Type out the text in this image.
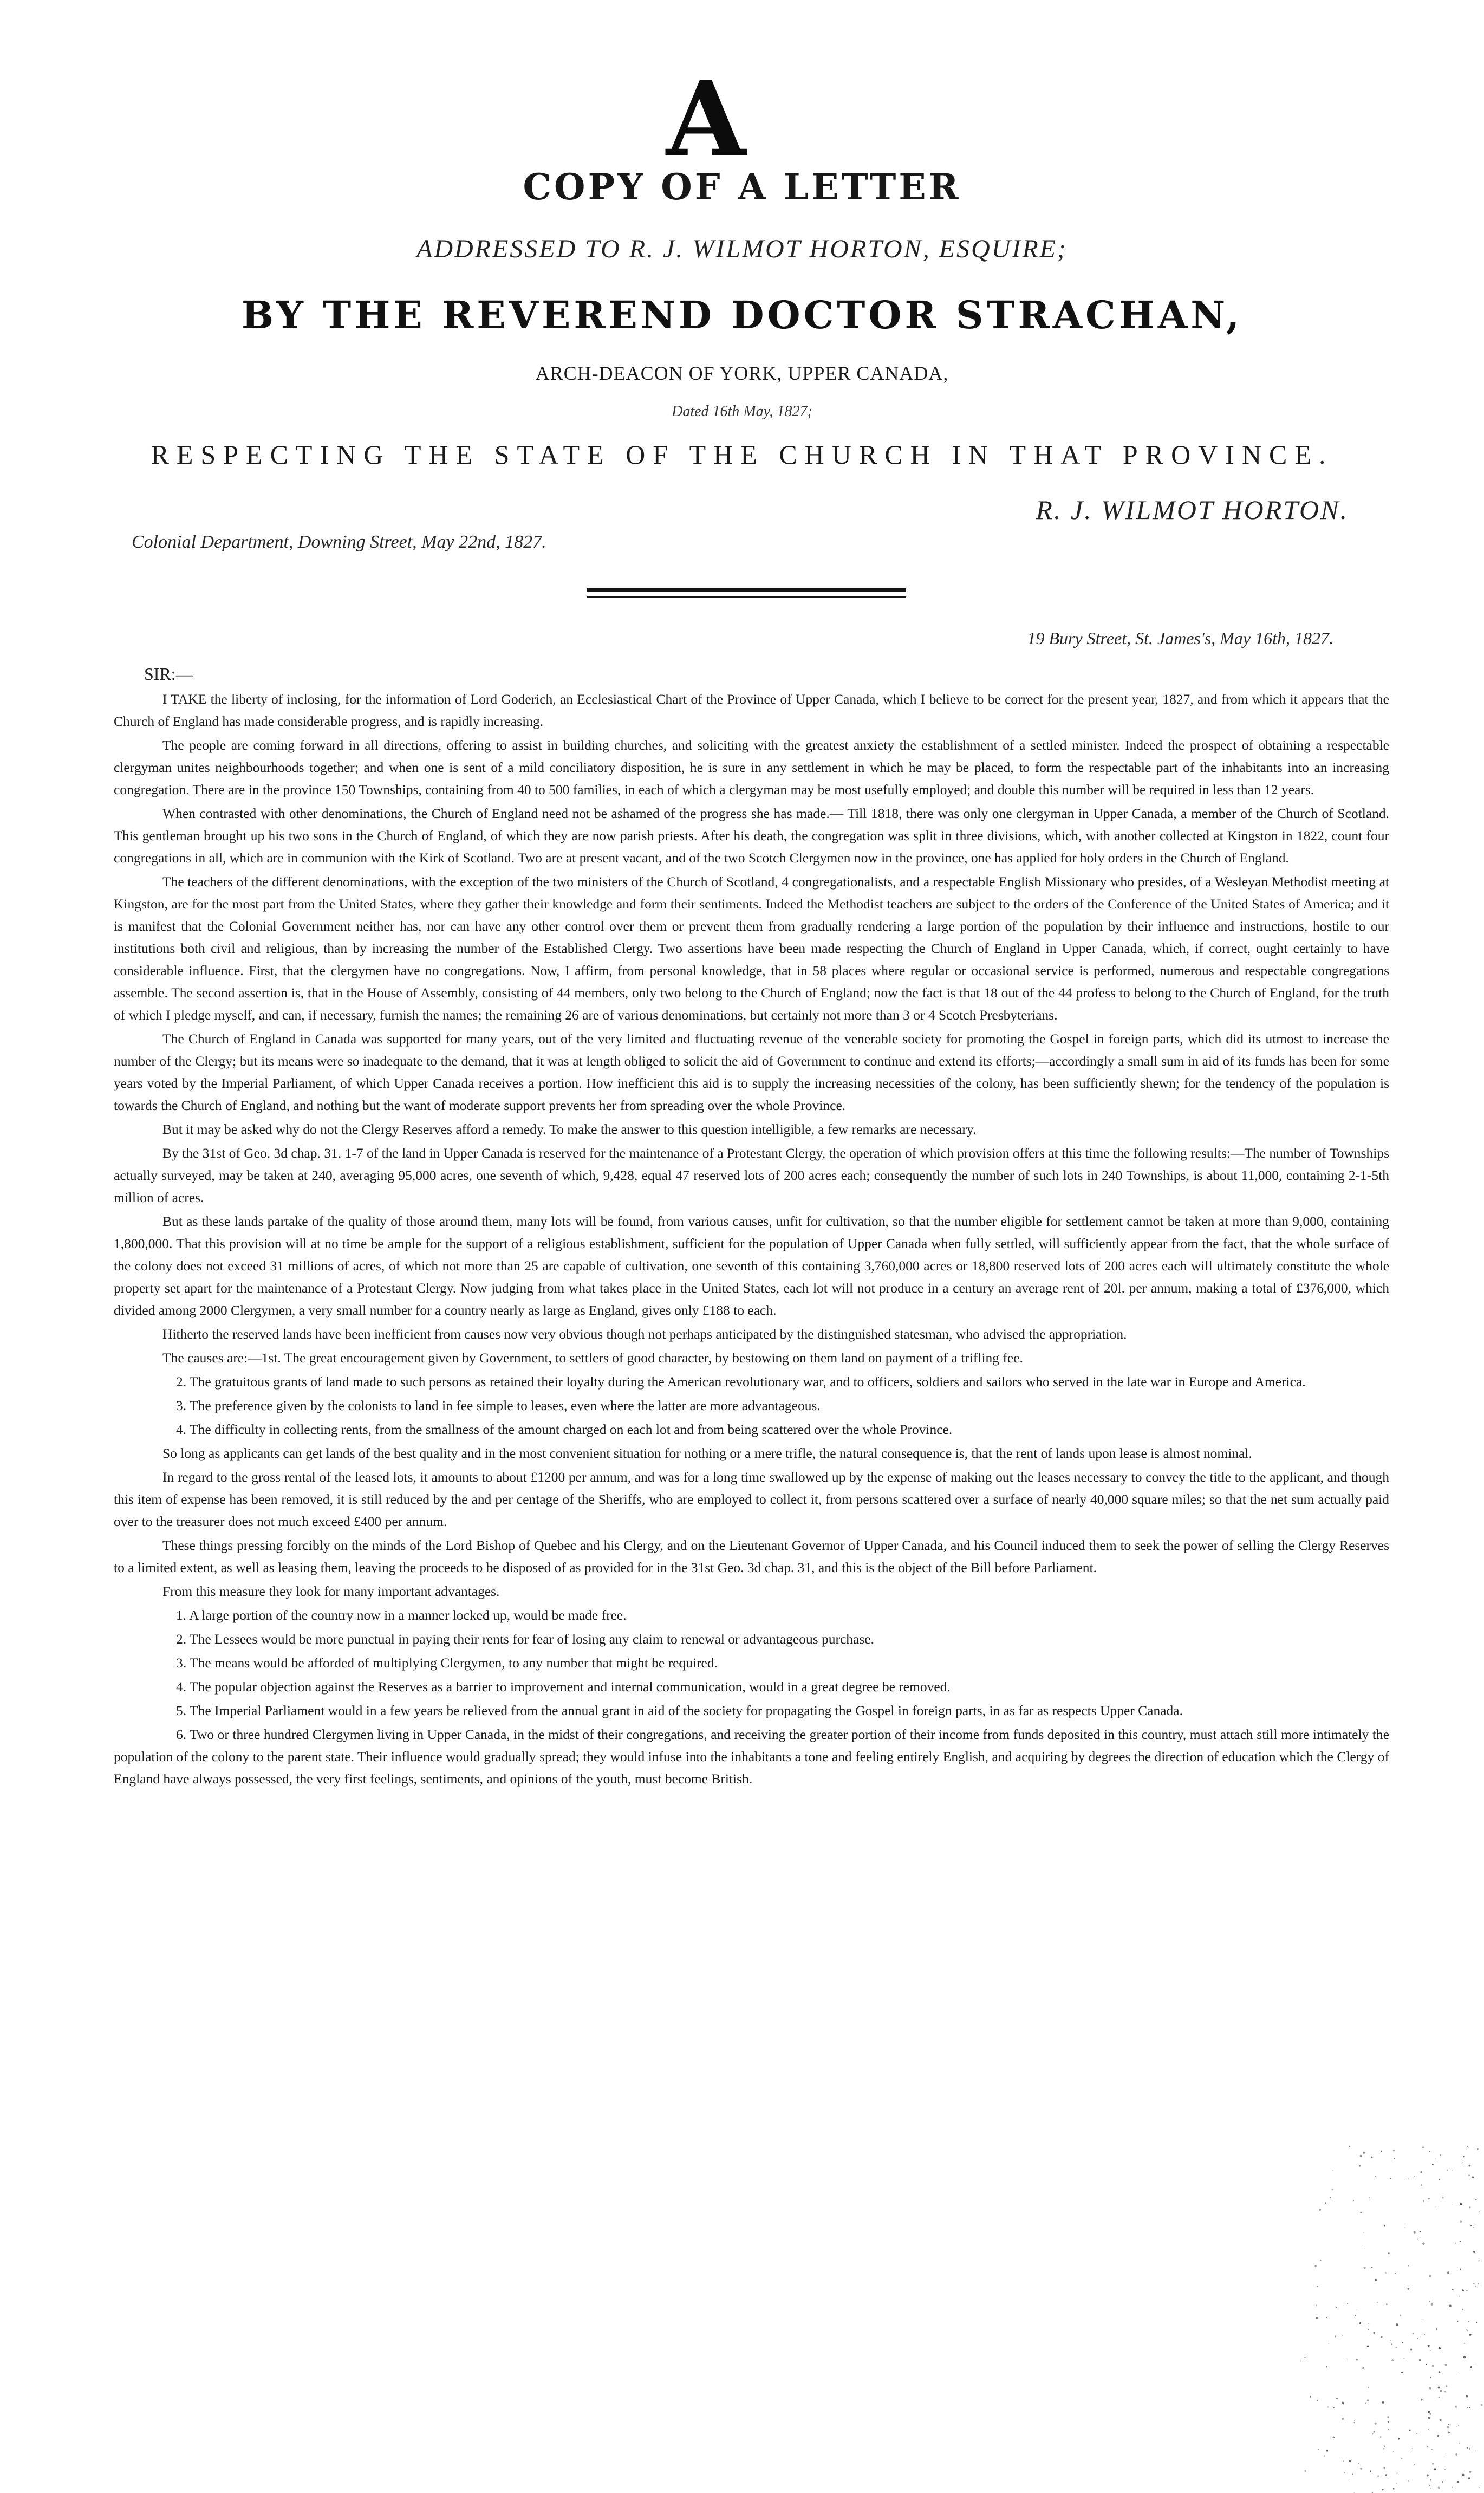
A
COPY OF A LETTER
ADDRESSED TO R. J. WILMOT HORTON, ESQUIRE;
BY THE REVEREND DOCTOR STRACHAN,
ARCH-DEACON OF YORK, UPPER CANADA,
Dated 16th May, 1827;
RESPECTING THE STATE OF THE CHURCH IN THAT PROVINCE.
R. J. WILMOT HORTON.
Colonial Department, Downing Street, May 22nd, 1827.
19 Bury Street, St. James's, May 16th, 1827.
SIR:—

I TAKE the liberty of inclosing, for the information of Lord Goderich, an Ecclesiastical Chart of the Province of Upper Canada, which I believe to be correct for the present year, 1827, and from which it appears that the Church of England has made considerable progress, and is rapidly increasing.

The people are coming forward in all directions, offering to assist in building churches, and soliciting with the greatest anxiety the establishment of a settled minister. Indeed the prospect of obtaining a respectable clergyman unites neighbourhoods together; and when one is sent of a mild conciliatory disposition, he is sure in any settlement in which he may be placed, to form the respectable part of the inhabitants into an increasing congregation. There are in the province 150 Townships, containing from 40 to 500 families, in each of which a clergyman may be most usefully employed; and double this number will be required in less than 12 years.

When contrasted with other denominations, the Church of England need not be ashamed of the progress she has made.— Till 1818, there was only one clergyman in Upper Canada, a member of the Church of Scotland. This gentleman brought up his two sons in the Church of England, of which they are now parish priests. After his death, the congregation was split in three divisions, which, with another collected at Kingston in 1822, count four congregations in all, which are in communion with the Kirk of Scotland. Two are at present vacant, and of the two Scotch Clergymen now in the province, one has applied for holy orders in the Church of England.

The teachers of the different denominations, with the exception of the two ministers of the Church of Scotland, 4 congregationalists, and a respectable English Missionary who presides, of a Wesleyan Methodist meeting at Kingston, are for the most part from the United States, where they gather their knowledge and form their sentiments. Indeed the Methodist teachers are subject to the orders of the Conference of the United States of America; and it is manifest that the Colonial Government neither has, nor can have any other control over them or prevent them from gradually rendering a large portion of the population by their influence and instructions, hostile to our institutions both civil and religious, than by increasing the number of the Established Clergy. Two assertions have been made respecting the Church of England in Upper Canada, which, if correct, ought certainly to have considerable influence. First, that the clergymen have no congregations. Now, I affirm, from personal knowledge, that in 58 places where regular or occasional service is performed, numerous and respectable congregations assemble. The second assertion is, that in the House of Assembly, consisting of 44 members, only two belong to the Church of England; now the fact is that 18 out of the 44 profess to belong to the Church of England, for the truth of which I pledge myself, and can, if necessary, furnish the names; the remaining 26 are of various denominations, but certainly not more than 3 or 4 Scotch Presbyterians.

The Church of England in Canada was supported for many years, out of the very limited and fluctuating revenue of the venerable society for promoting the Gospel in foreign parts, which did its utmost to increase the number of the Clergy; but its means were so inadequate to the demand, that it was at length obliged to solicit the aid of Government to continue and extend its efforts;—accordingly a small sum in aid of its funds has been for some years voted by the Imperial Parliament, of which Upper Canada receives a portion. How inefficient this aid is to supply the increasing necessities of the colony, has been sufficiently shewn; for the tendency of the population is towards the Church of England, and nothing but the want of moderate support prevents her from spreading over the whole Province.

But it may be asked why do not the Clergy Reserves afford a remedy. To make the answer to this question intelligible, a few remarks are necessary.

By the 31st of Geo. 3d chap. 31. 1-7 of the land in Upper Canada is reserved for the maintenance of a Protestant Clergy, the operation of which provision offers at this time the following results:—The number of Townships actually surveyed, may be taken at 240, averaging 95,000 acres, one seventh of which, 9,428, equal 47 reserved lots of 200 acres each; consequently the number of such lots in 240 Townships, is about 11,000, containing 2-1-5th million of acres.

But as these lands partake of the quality of those around them, many lots will be found, from various causes, unfit for cultivation, so that the number eligible for settlement cannot be taken at more than 9,000, containing 1,800,000. That this provision will at no time be ample for the support of a religious establishment, sufficient for the population of Upper Canada when fully settled, will sufficiently appear from the fact, that the whole surface of the colony does not exceed 31 millions of acres, of which not more than 25 are capable of cultivation, one seventh of this containing 3,760,000 acres or 18,800 reserved lots of 200 acres each will ultimately constitute the whole property set apart for the maintenance of a Protestant Clergy. Now judging from what takes place in the United States, each lot will not produce in a century an average rent of 20l. per annum, making a total of £376,000, which divided among 2000 Clergymen, a very small number for a country nearly as large as England, gives only £188 to each.

Hitherto the reserved lands have been inefficient from causes now very obvious though not perhaps anticipated by the distinguished statesman, who advised the appropriation.

The causes are:—1st. The great encouragement given by Government, to settlers of good character, by bestowing on them land on payment of a trifling fee.

2. The gratuitous grants of land made to such persons as retained their loyalty during the American revolutionary war, and to officers, soldiers and sailors who served in the late war in Europe and America.

3. The preference given by the colonists to land in fee simple to leases, even where the latter are more advantageous.

4. The difficulty in collecting rents, from the smallness of the amount charged on each lot and from being scattered over the whole Province.

So long as applicants can get lands of the best quality and in the most convenient situation for nothing or a mere trifle, the natural consequence is, that the rent of lands upon lease is almost nominal.

In regard to the gross rental of the leased lots, it amounts to about £1200 per annum, and was for a long time swallowed up by the expense of making out the leases necessary to convey the title to the applicant, and though this item of expense has been removed, it is still reduced by the and per centage of the Sheriffs, who are employed to collect it, from persons scattered over a surface of nearly 40,000 square miles; so that the net sum actually paid over to the treasurer does not much exceed £400 per annum.

These things pressing forcibly on the minds of the Lord Bishop of Quebec and his Clergy, and on the Lieutenant Governor of Upper Canada, and his Council induced them to seek the power of selling the Clergy Reserves to a limited extent, as well as leasing them, leaving the proceeds to be disposed of as provided for in the 31st Geo. 3d chap. 31, and this is the object of the Bill before Parliament.

From this measure they look for many important advantages.

1. A large portion of the country now in a manner locked up, would be made free.

2. The Lessees would be more punctual in paying their rents for fear of losing any claim to renewal or advantageous purchase.

3. The means would be afforded of multiplying Clergymen, to any number that might be required.

4. The popular objection against the Reserves as a barrier to improvement and internal communication, would in a great degree be removed.

5. The Imperial Parliament would in a few years be relieved from the annual grant in aid of the society for propagating the Gospel in foreign parts, in as far as respects Upper Canada.

6. Two or three hundred Clergymen living in Upper Canada, in the midst of their congregations, and receiving the greater portion of their income from funds deposited in this country, must attach still more intimately the population of the colony to the parent state. Their influence would gradually spread; they would infuse into the inhabitants a tone and feeling entirely English, and acquiring by degrees the direction of education which the Clergy of England have always possessed, the very first feelings, sentiments, and opinions of the youth, must become British.
